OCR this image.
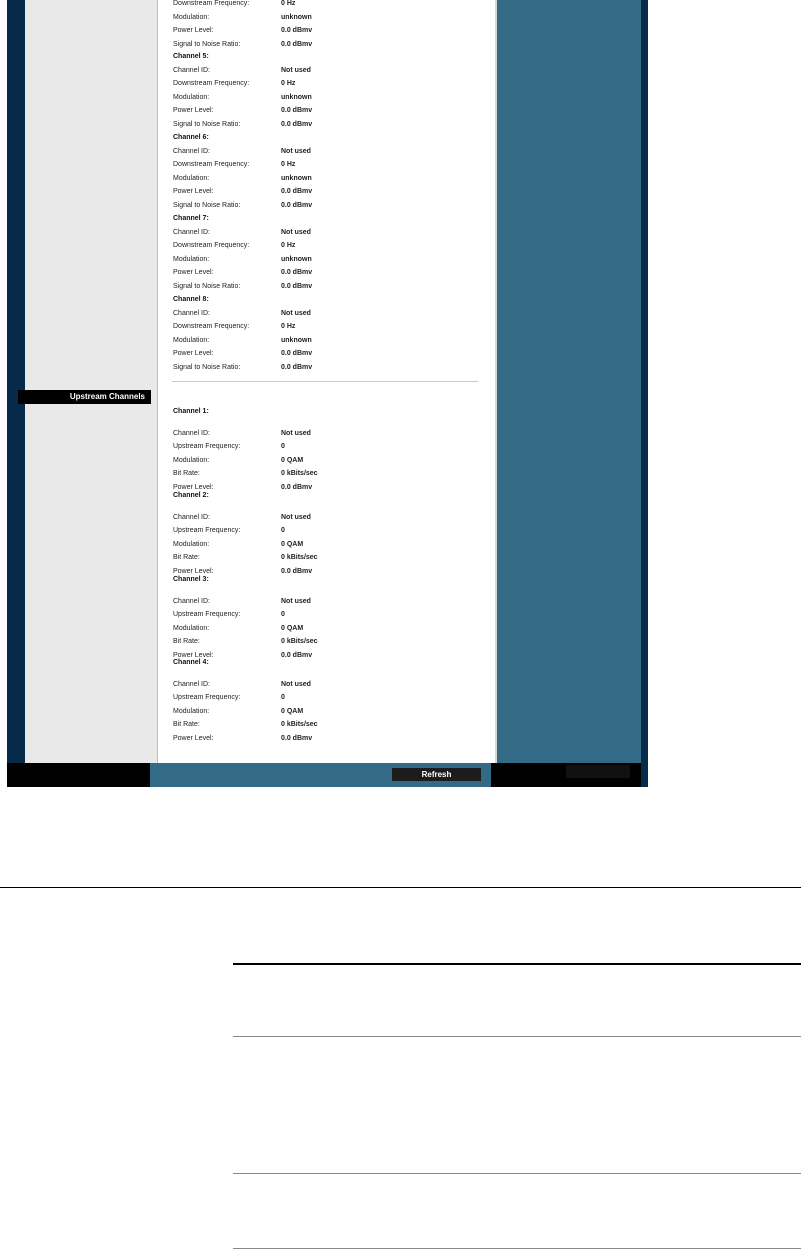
Downstream Frequency:	0 Hz
Modulation:	unknown
Power Level:	0.0 dBmv
Signal to Noise Ratio:	0.0 dBmv
Channel 5:
Channel ID:	Not used
Downstream Frequency:	0 Hz
Modulation:	unknown
Power Level:	0.0 dBmv
Signal to Noise Ratio:	0.0 dBmv
Channel 6:
Channel ID:	Not used
Downstream Frequency:	0 Hz
Modulation:	unknown
Power Level:	0.0 dBmv
Signal to Noise Ratio:	0.0 dBmv
Channel 7:
Channel ID:	Not used
Downstream Frequency:	0 Hz
Modulation:	unknown
Power Level:	0.0 dBmv
Signal to Noise Ratio:	0.0 dBmv
Channel 8:
Channel ID:	Not used
Downstream Frequency:	0 Hz
Modulation:	unknown
Power Level:	0.0 dBmv
Signal to Noise Ratio:	0.0 dBmv
Channel 1:
Channel ID:	Not used
Upstream Frequency:	0
Modulation:	0 QAM
Bit Rate:	0 kBits/sec
Power Level:	0.0 dBmv
Channel 2:
Channel ID:	Not used
Upstream Frequency:	0
Modulation:	0 QAM
Bit Rate:	0 kBits/sec
Power Level:	0.0 dBmv
Channel 3:
Channel ID:	Not used
Upstream Frequency:	0
Modulation:	0 QAM
Bit Rate:	0 kBits/sec
Power Level:	0.0 dBmv
Channel 4:
Channel ID:	Not used
Upstream Frequency:	0
Modulation:	0 QAM
Bit Rate:	0 kBits/sec
Power Level:	0.0 dBmv
Upstream Channels
Refresh
